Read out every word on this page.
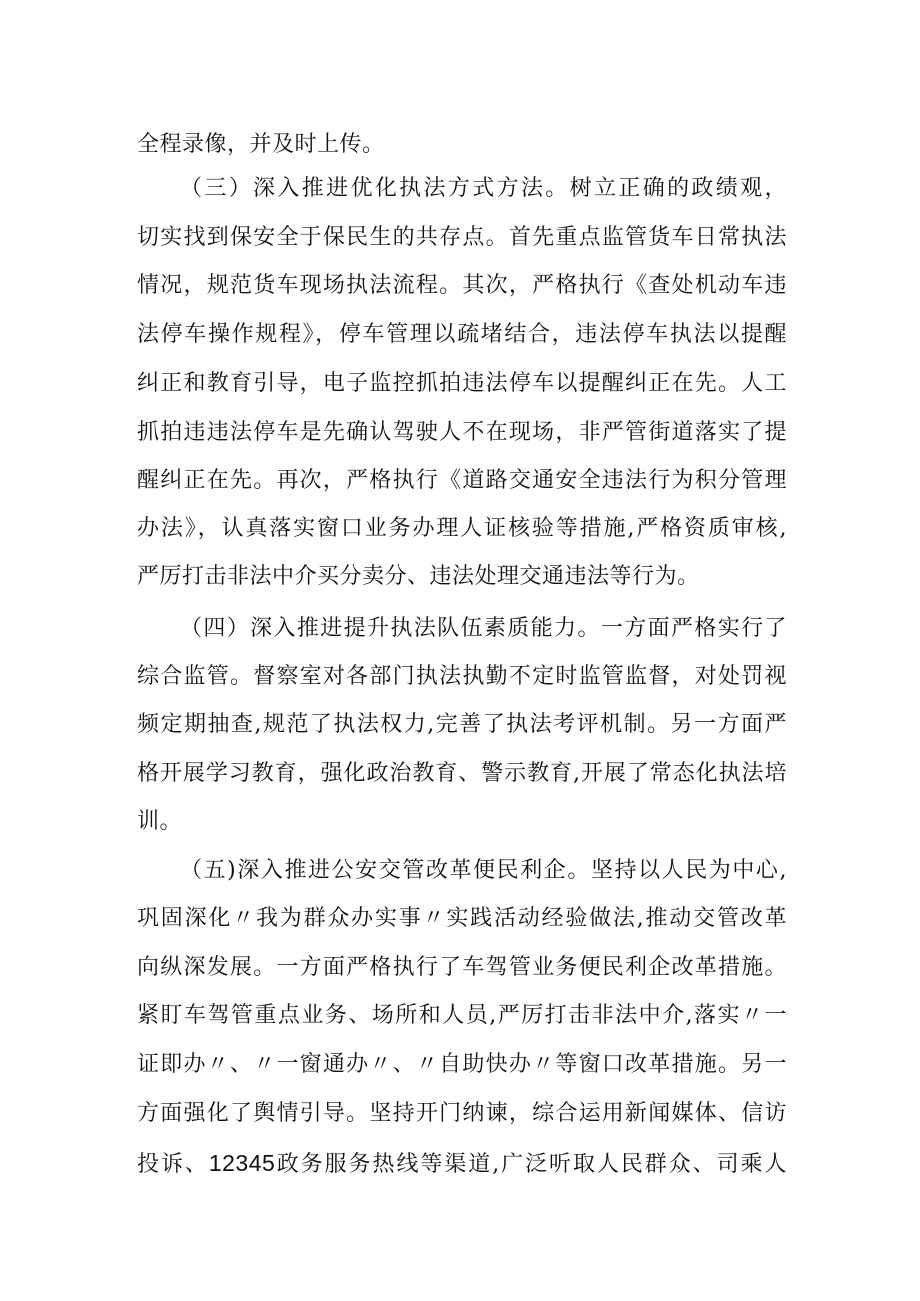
全程录像，并及时上传。
（三）深入推进优化执法方式方法。树立正确的政绩观，
切实找到保安全于保民生的共存点。首先重点监管货车日常执法
情况，规范货车现场执法流程。其次，严格执行《查处机动车违
法停车操作规程》，停车管理以疏堵结合，违法停车执法以提醒
纠正和教育引导，电子监控抓拍违法停车以提醒纠正在先。人工
抓拍违违法停车是先确认驾驶人不在现场，非严管街道落实了提
醒纠正在先。再次，严格执行《道路交通安全违法行为积分管理
办法》，认真落实窗口业务办理人证核验等措施,严格资质审核,
严厉打击非法中介买分卖分、违法处理交通违法等行为。
（四）深入推进提升执法队伍素质能力。一方面严格实行了
综合监管。督察室对各部门执法执勤不定时监管监督，对处罚视
频定期抽查,规范了执法权力,完善了执法考评机制。另一方面严
格开展学习教育，强化政治教育、警示教育,开展了常态化执法培
训。
（五)深入推进公安交管改革便民利企。坚持以人民为中心,
巩固深化〃我为群众办实事〃实践活动经验做法,推动交管改革
向纵深发展。一方面严格执行了车驾管业务便民利企改革措施。
紧盯车驾管重点业务、场所和人员,严厉打击非法中介,落实〃一
证即办〃、〃一窗通办〃、〃自助快办〃等窗口改革措施。另一
方面强化了舆情引导。坚持开门纳谏，综合运用新闻媒体、信访
投诉、12345政务服务热线等渠道,广泛听取人民群众、司乘人
